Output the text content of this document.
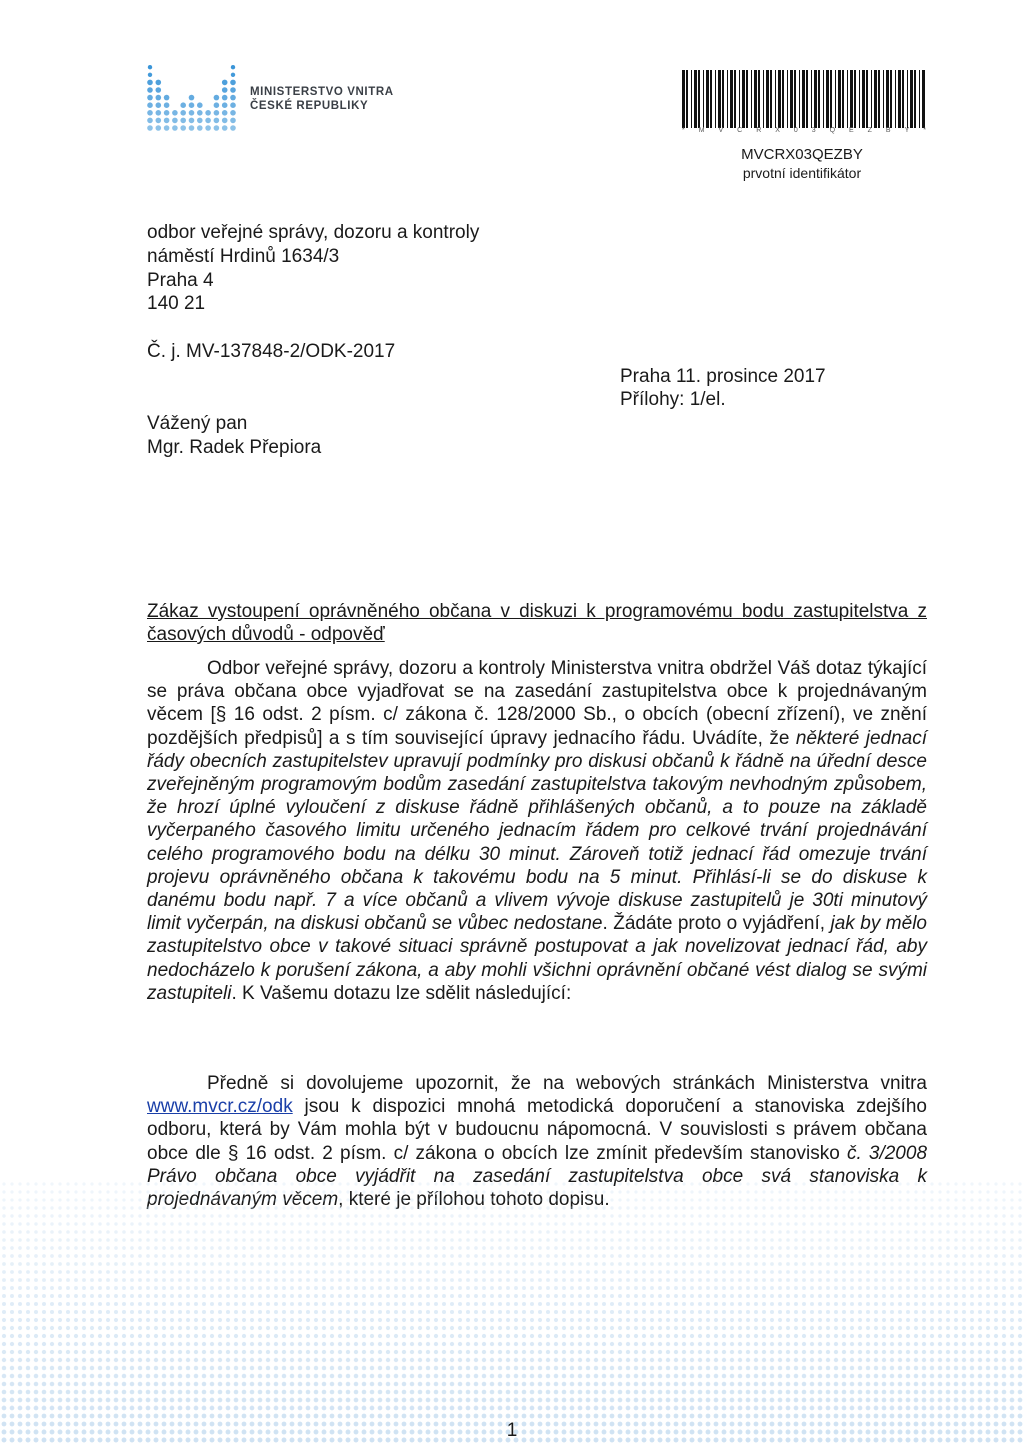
MINISTERSTVO VNITRA
ČESKÉ REPUBLIKY
* M V C R X 0 3 Q E Z B Y *
MVCRX03QEZBY
prvotní identifikátor
odbor veřejné správy, dozoru a kontroly
náměstí Hrdinů 1634/3
Praha 4
140 21
Č. j. MV-137848-2/ODK-2017
Praha 11. prosince 2017
Přílohy: 1/el.
Vážený pan
Mgr. Radek Přepiora
Zákaz vystoupení oprávněného občana v diskuzi k programovému bodu zastupitelstva z časových důvodů - odpověď
Odbor veřejné správy, dozoru a kontroly Ministerstva vnitra obdržel Váš dotaz týkající se práva občana obce vyjadřovat se na zasedání zastupitelstva obce k projednávaným věcem [§ 16 odst. 2 písm. c/ zákona č. 128/2000 Sb., o obcích (obecní zřízení), ve znění pozdějších předpisů] a s tím související úpravy jednacího řádu. Uvádíte, že některé jednací řády obecních zastupitelstev upravují podmínky pro diskusi občanů k řádně na úřední desce zveřejněným programovým bodům zasedání zastupitelstva takovým nevhodným způsobem, že hrozí úplné vyloučení z diskuse řádně přihlášených občanů, a to pouze na základě vyčerpaného časového limitu určeného jednacím řádem pro celkové trvání projednávání celého programového bodu na délku 30 minut. Zároveň totiž jednací řád omezuje trvání projevu oprávněného občana k takovému bodu na 5 minut. Přihlásí-li se do diskuse k danému bodu např. 7 a více občanů a vlivem vývoje diskuse zastupitelů je 30ti minutový limit vyčerpán, na diskusi občanů se vůbec nedostane. Žádáte proto o vyjádření, jak by mělo zastupitelstvo obce v takové situaci správně postupovat a jak novelizovat jednací řád, aby nedocházelo k porušení zákona, a aby mohli všichni oprávnění občané vést dialog se svými zastupiteli. K Vašemu dotazu lze sdělit následující:
Předně si dovolujeme upozornit, že na webových stránkách Ministerstva vnitra www.mvcr.cz/odk jsou k dispozici mnohá metodická doporučení a stanoviska zdejšího odboru, která by Vám mohla být v budoucnu nápomocná. V souvislosti s právem občana obce dle § 16 odst. 2 písm. c/ zákona o obcích lze zmínit především stanovisko č. 3/2008 Právo občana obce vyjádřit na zasedání zastupitelstva obce svá stanoviska k projednávaným věcem, které je přílohou tohoto dopisu.
1
